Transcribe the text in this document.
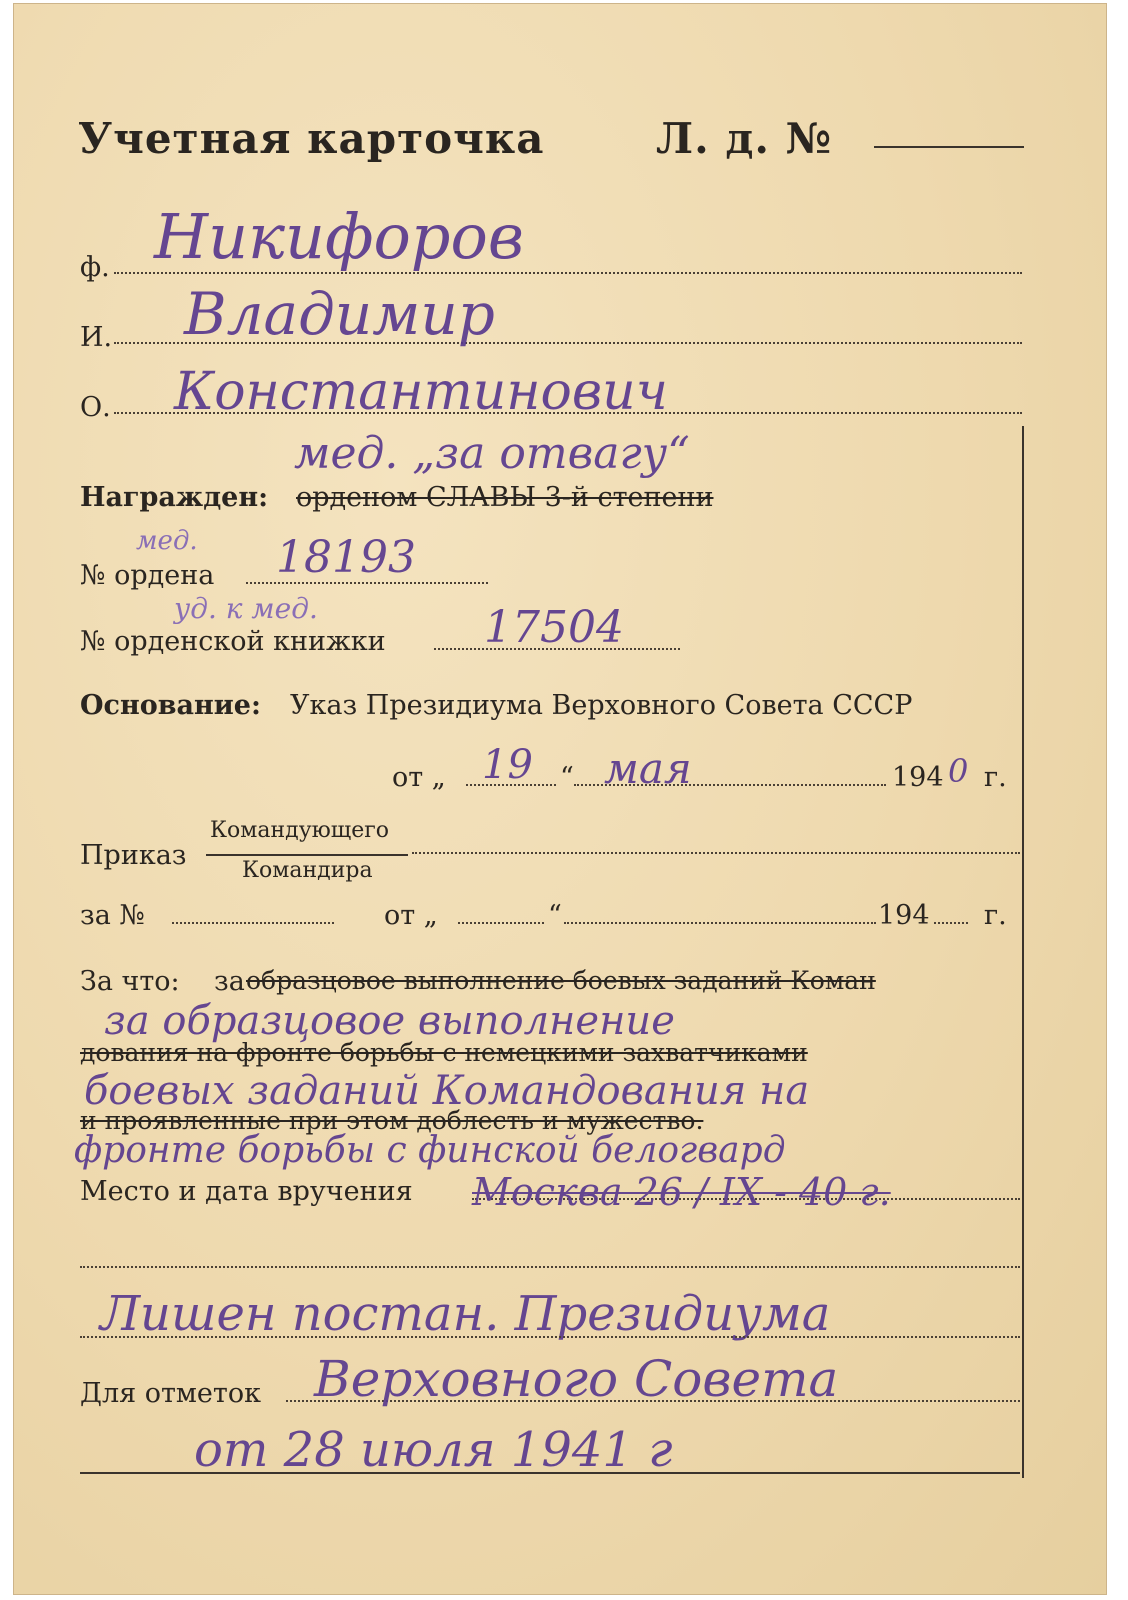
Учетная карточка	Л. д. №
ф. Никифоров
И. Владимир
О. Константинович
мед. „за отвагу“
Награжден: орденом СЛАВЫ 3-й степени
№ ордена
мед. 18193
№ орденской книжки
уд. к мед.	17504
Основание: Указ Президиума Верховного Совета СССР
от „ 19 “ мая	194 0 г.
Приказ
Командующего
Командира
за №	от „	“	194 г.
За что: за образцовое выполнение боевых заданий Коман
за образцовое выполнение
дования на фронте борьбы с немецкими захватчиками
боевых заданий Командования на
и проявленные при этом доблесть и мужество.
фронте борьбы с финской белогвард
Место и дата вручения Москва 26 / IX - 40 г.
Лишен постан. Президиума
Для отметок Верховного Совета
от 28 июля 1941 г
